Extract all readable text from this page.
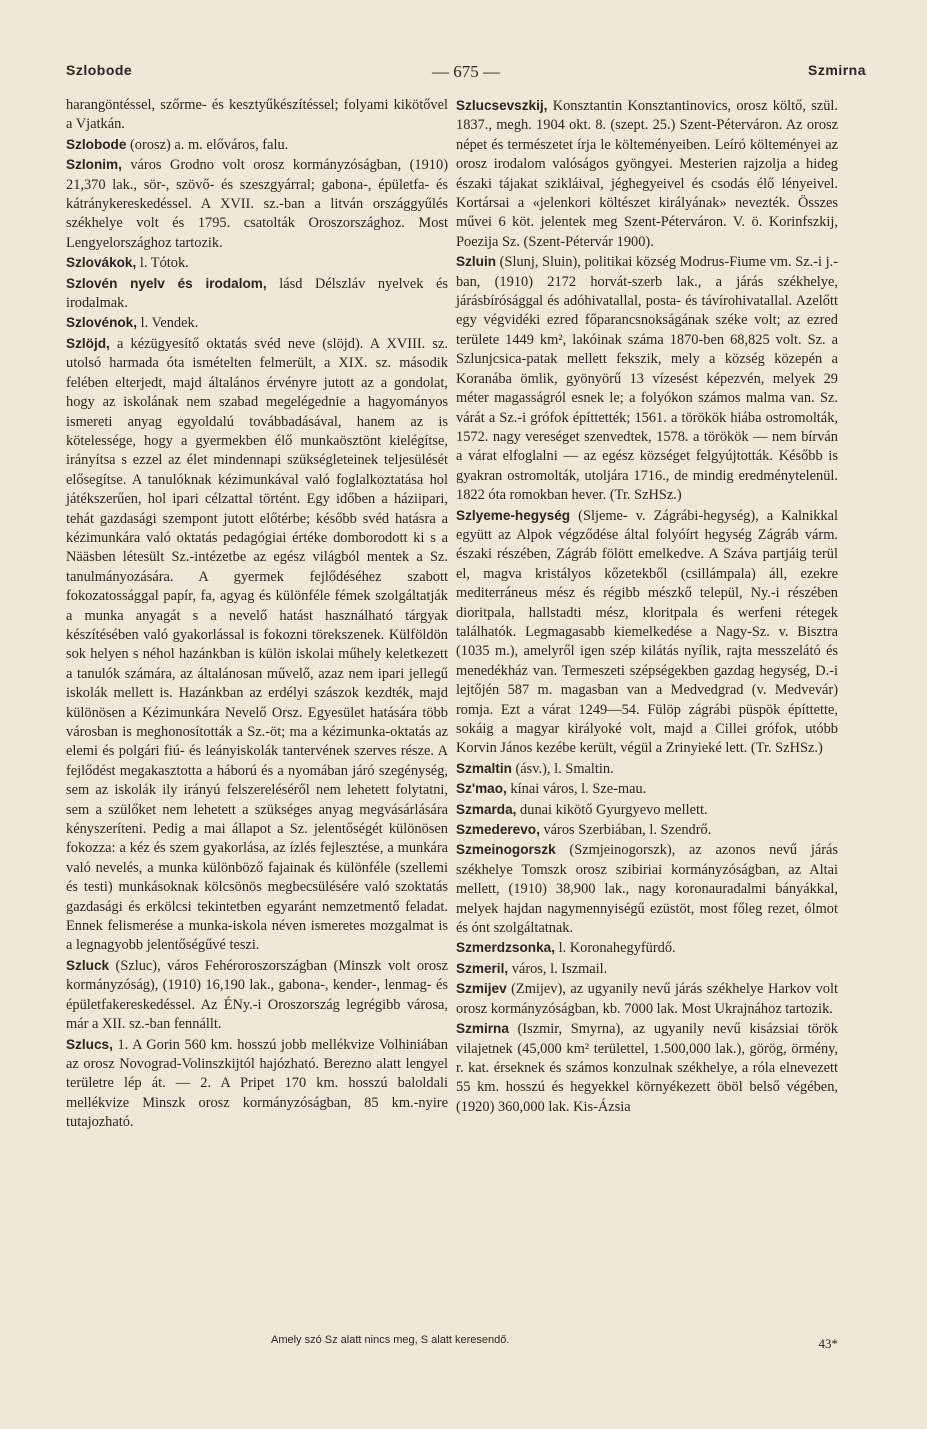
Szlobode	— 675 —	Szmirna

harangöntéssel, szőrme- és kesztyűkészítéssel; folyami kikötővel a Vjatkán.

Szlobode (orosz) a. m. előváros, falu.

Szlonim, város Grodno volt orosz kormányzóságban, (1910) 21,370 lak., sör-, szövő- és szeszgyárral; gabona-, épületfa- és kátránykereskedéssel. A XVII. sz.-ban a litván országgyűlés székhelye volt és 1795. csatolták Oroszországhoz. Most Lengyelországhoz tartozik.

Szlovákok, l. Tótok.

Szlovén nyelv és irodalom, lásd Délszláv nyelvek és irodalmak.

Szlovénok, l. Vendek.

Szlöjd, a kézügyesítő oktatás svéd neve (slöjd). A XVIII. sz. utolsó harmada óta ismételten felmerült, a XIX. sz. második felében elterjedt, majd általános érvényre jutott az a gondolat, hogy az iskolának nem szabad megelégednie a hagyományos ismereti anyag egyoldalú továbbadásával, hanem az is kötelessége, hogy a gyermekben élő munkaösztönt kielégítse, irányítsa s ezzel az élet mindennapi szükségleteinek teljesülését elősegítse. A tanulóknak kézimunkával való foglalkoztatása hol játékszerűen, hol ipari célzattal történt. Egy időben a háziipari, tehát gazdasági szempont jutott előtérbe; később svéd hatásra a kézimunkára való oktatás pedagógiai értéke domborodott ki s a Nääsben létesült Sz.-intézetbe az egész világból mentek a Sz. tanulmányozására. A gyermek fejlődéséhez szabott fokozatossággal papír, fa, agyag és különféle fémek szolgáltatják a munka anyagát s a nevelő hatást használható tárgyak készítésében való gyakorlással is fokozni törekszenek. Külföldön sok helyen s néhol hazánkban is külön iskolai műhely keletkezett a tanulók számára, az általánosan művelő, azaz nem ipari jellegű iskolák mellett is. Hazánkban az erdélyi szászok kezdték, majd különösen a Kézimunkára Nevelő Orsz. Egyesület hatására több városban is meghonosították a Sz.-öt; ma a kézimunka-oktatás az elemi és polgári fiú- és leányiskolák tantervének szerves része. A fejlődést megakasztotta a háború és a nyomában járó szegénység, sem az iskolák ily irányú felszereléséről nem lehetett folytatni, sem a szülőket nem lehetett a szükséges anyag megvásárlására kényszeríteni. Pedig a mai állapot a Sz. jelentőségét különösen fokozza: a kéz és szem gyakorlása, az ízlés fejlesztése, a munkára való nevelés, a munka különböző fajainak és különféle (szellemi és testi) munkásoknak kölcsönös megbecsülésére való szoktatás gazdasági és erkölcsi tekintetben egyaránt nemzetmentő feladat. Ennek felismerése a munka-iskola néven ismeretes mozgalmat is a legnagyobb jelentőségűvé teszi.

Szluck (Szluc), város Fehéroroszországban (Minszk volt orosz kormányzóság), (1910) 16,190 lak., gabona-, kender-, lenmag- és épületfakereskedéssel. Az ÉNy.-i Oroszország legrégibb városa, már a XII. sz.-ban fennállt.

Szlucs, 1. A Gorin 560 km. hosszú jobb mellékvize Volhiniában az orosz Novograd-Volinszkijtól hajózható. Berezno alatt lengyel területre lép át. — 2. A Pripet 170 km. hosszú baloldali mellékvize Minszk orosz kormányzóságban, 85 km.-nyire tutajozható.

Szlucsevszkij, Konsztantin Konsztantinovics, orosz költő, szül. 1837., megh. 1904 okt. 8. (szept. 25.) Szent-Péterváron. Az orosz népet és természetet írja le költeményeiben. Leíró költeményei az orosz irodalom valóságos gyöngyei. Mesterien rajzolja a hideg északi tájakat szikláival, jéghegyeivel és csodás élő lényeivel. Kortársai a «jelenkori költészet királyának» nevezték. Összes művei 6 köt. jelentek meg Szent-Péterváron. V. ö. Korinfszkij, Poezija Sz. (Szent-Pétervár 1900).

Szluin (Slunj, Sluin), politikai község Modrus-Fiume vm. Sz.-i j.-ban, (1910) 2172 horvát-szerb lak., a járás székhelye, járásbírósággal és adóhivatallal, posta- és távírohivatallal. Azelőtt egy végvidéki ezred főparancsnokságának széke volt; az ezred területe 1449 km², lakóinak száma 1870-ben 68,825 volt. Sz. a Szlunjcsica-patak mellett fekszik, mely a község közepén a Koranába ömlik, gyönyörű 13 vízesést képezvén, melyek 29 méter magasságról esnek le; a folyókon számos malma van. Sz. várát a Sz.-i grófok építtették; 1561. a törökök hiába ostromolták, 1572. nagy vereséget szenvedtek, 1578. a törökök — nem bírván a várat elfoglalni — az egész községet felgyújtották. Később is gyakran ostromolták, utoljára 1716., de mindig eredménytelenül. 1822 óta romokban hever. (Tr. SzHSz.)

Szlyeme-hegység (Sljeme- v. Zágrábi-hegység), a Kalnikkal együtt az Alpok végződése által folyóírt hegység Zágráb várm. északi részében, Zágráb fölött emelkedve. A Száva partjáig terül el, magva kristályos kőzetekből (csillámpala) áll, ezekre mediterráneus mész és régibb mészkő települ, Ny.-i részében dioritpala, hallstadti mész, kloritpala és werfeni rétegek találhatók. Legmagasabb kiemelkedése a Nagy-Sz. v. Bisztra (1035 m.), amelyről igen szép kilátás nyílik, rajta messzelátó és menedékház van. Termeszeti szépségekben gazdag hegység, D.-i lejtőjén 587 m. magasban van a Medvedgrad (v. Medvevár) romja. Ezt a várat 1249—54. Fülöp zágrábi püspök építtette, sokáig a magyar királyoké volt, majd a Cillei grófok, utóbb Korvin János kezébe került, végül a Zrinyieké lett. (Tr. SzHSz.)

Szmaltin (ásv.), l. Smaltin.

Sz'mao, kínai város, l. Sze-mau.

Szmarda, dunai kikötő Gyurgyevo mellett.

Szmederevo, város Szerbiában, l. Szendrő.

Szmeinogorszk (Szmjeinogorszk), az azonos nevű járás székhelye Tomszk orosz szibiriai kormányzóságban, az Altai mellett, (1910) 38,900 lak., nagy koronauradalmi bányákkal, melyek hajdan nagymennyiségű ezüstöt, most főleg rezet, ólmot és ónt szolgáltatnak.

Szmerdzsonka, l. Koronahegyfürdő.

Szmeril, város, l. Iszmail.

Szmijev (Zmijev), az ugyanily nevű járás székhelye Harkov volt orosz kormányzóságban, kb. 7000 lak. Most Ukrajnához tartozik.

Szmirna (Iszmir, Smyrna), az ugyanily nevű kisázsiai török vilajetnek (45,000 km² területtel, 1.500,000 lak.), görög, örmény, r. kat. érseknek és számos konzulnak székhelye, a róla elnevezett 55 km. hosszú és hegyekkel környékezett öböl belső végében, (1920) 360,000 lak. Kis-Ázsia

Amely szó Sz alatt nincs meg, S alatt keresendő.	43*
